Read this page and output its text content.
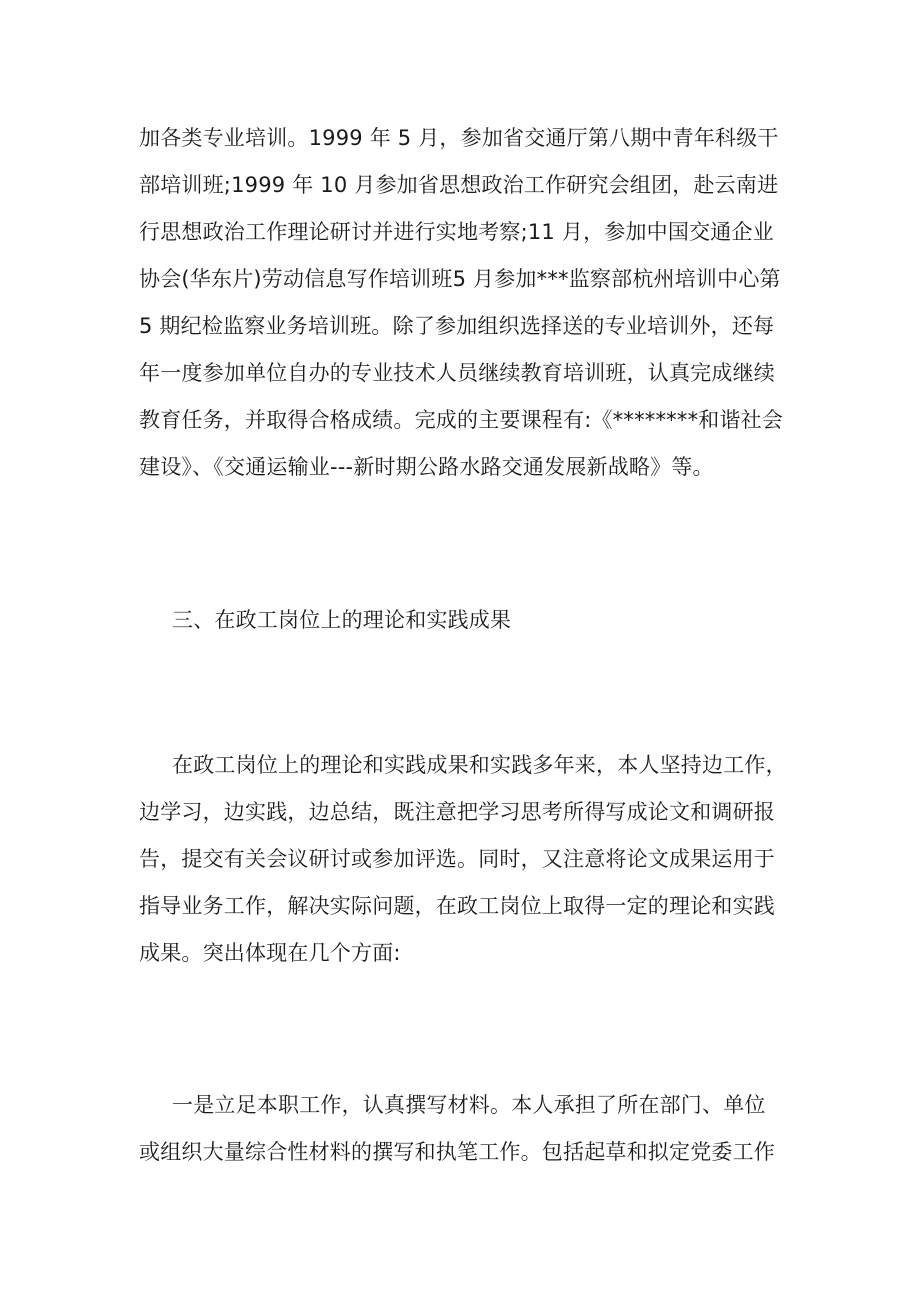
加各类专业培训。1999 年 5 月，参加省交通厅第八期中青年科级干
部培训班;1999 年 10 月参加省思想政治工作研究会组团，赴云南进
行思想政治工作理论研讨并进行实地考察;11 月，参加中国交通企业
协会(华东片)劳动信息写作培训班5 月参加***监察部杭州培训中心第
5 期纪检监察业务培训班。除了参加组织选择送的专业培训外，还每
年一度参加单位自办的专业技术人员继续教育培训班，认真完成继续
教育任务，并取得合格成绩。完成的主要课程有:《********和谐社会
建设》、《交通运输业---新时期公路水路交通发展新战略》等。
三、在政工岗位上的理论和实践成果
在政工岗位上的理论和实践成果和实践多年来，本人坚持边工作，
边学习，边实践，边总结，既注意把学习思考所得写成论文和调研报
告，提交有关会议研讨或参加评选。同时，又注意将论文成果运用于
指导业务工作，解决实际问题，在政工岗位上取得一定的理论和实践
成果。突出体现在几个方面:
一是立足本职工作，认真撰写材料。本人承担了所在部门、单位
或组织大量综合性材料的撰写和执笔工作。包括起草和拟定党委工作
